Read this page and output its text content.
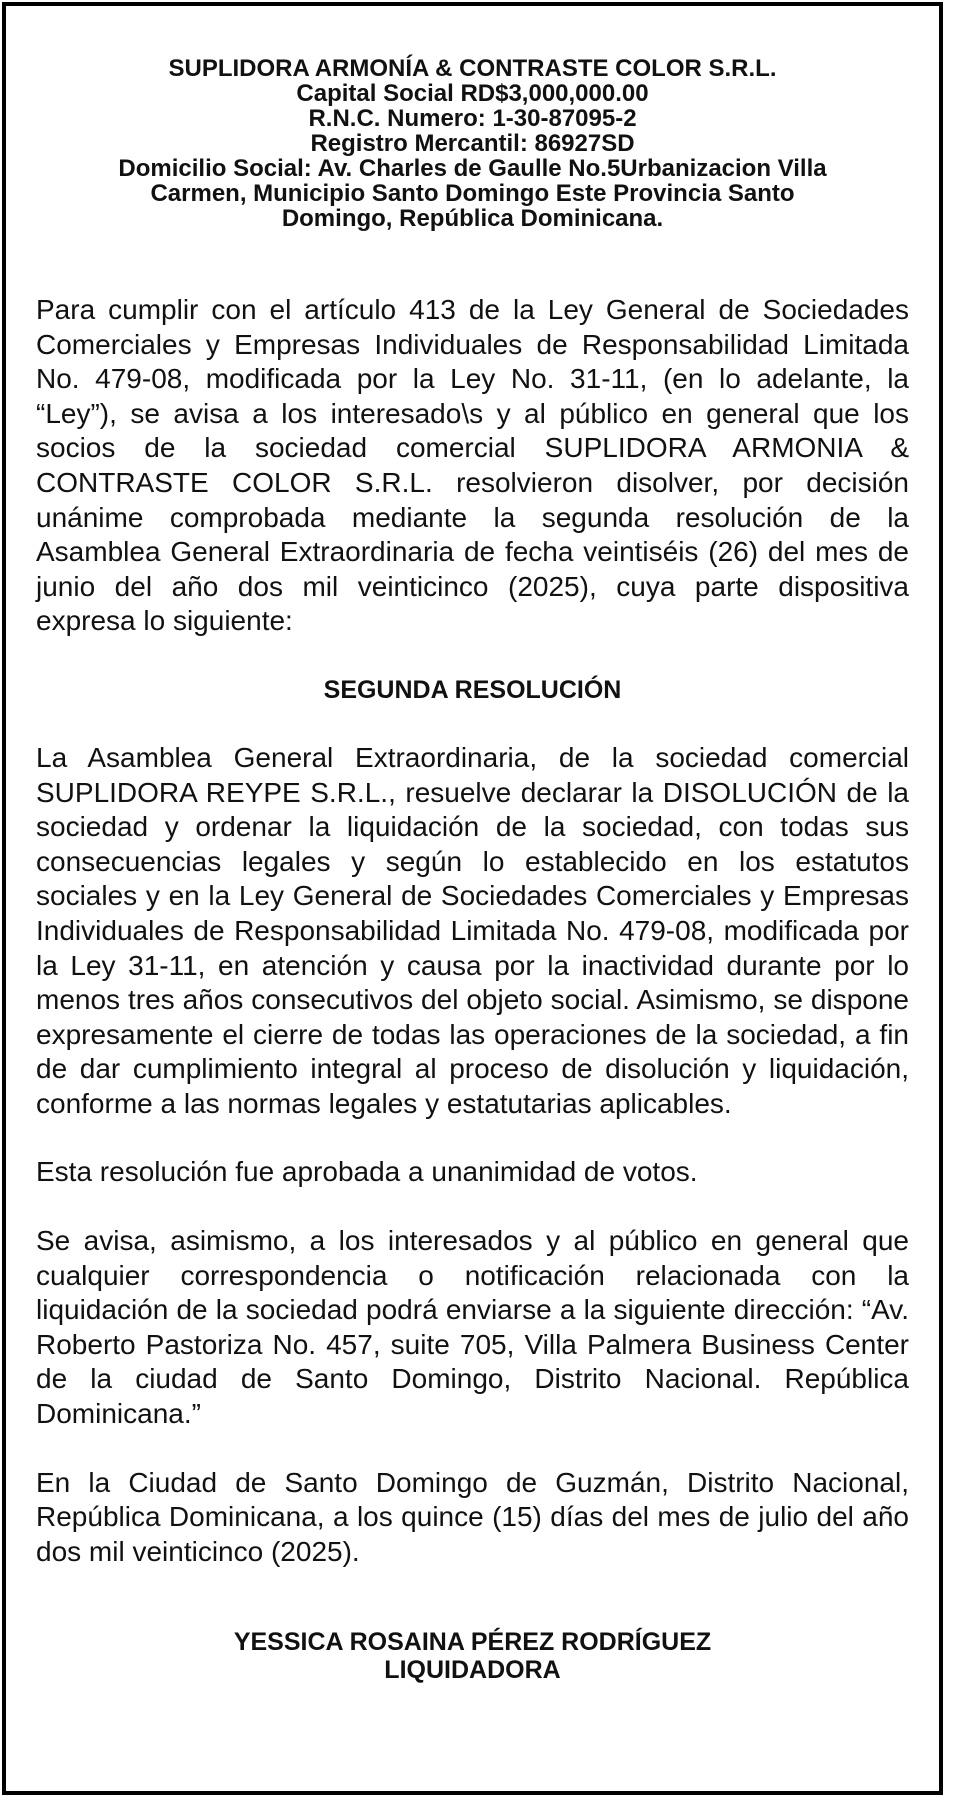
SUPLIDORA ARMONÍA & CONTRASTE COLOR S.R.L.
Capital Social RD$3,000,000.00
R.N.C. Numero: 1-30-87095-2
Registro Mercantil: 86927SD
Domicilio Social: Av. Charles de Gaulle No.5Urbanizacion Villa
Carmen, Municipio Santo Domingo Este Provincia Santo
Domingo, República Dominicana.

Para cumplir con el artículo 413 de la Ley General de Sociedades Comerciales y Empresas Individuales de Responsabilidad Limitada No. 479-08, modificada por la Ley No. 31-11, (en lo adelante, la “Ley”), se avisa a los interesado\s y al público en general que los socios de la sociedad comercial SUPLIDORA ARMONIA & CONTRASTE COLOR S.R.L. resolvieron disolver, por decisión unánime comprobada mediante la segunda resolución de la Asamblea General Extraordinaria de fecha veintiséis (26) del mes de junio del año dos mil veinticinco (2025), cuya parte dispositiva expresa lo siguiente:

SEGUNDA RESOLUCIÓN

La Asamblea General Extraordinaria, de la sociedad comercial SUPLIDORA REYPE S.R.L., resuelve declarar la DISOLUCIÓN de la sociedad y ordenar la liquidación de la sociedad, con todas sus consecuencias legales y según lo establecido en los estatutos sociales y en la Ley General de Sociedades Comerciales y Empresas Individuales de Responsabilidad Limitada No. 479-08, modificada por la Ley 31-11, en atención y causa por la inactividad durante por lo menos tres años consecutivos del objeto social. Asimismo, se dispone expresamente el cierre de todas las operaciones de la sociedad, a fin de dar cumplimiento integral al proceso de disolución y liquidación, conforme a las normas legales y estatutarias aplicables.

Esta resolución fue aprobada a unanimidad de votos.

Se avisa, asimismo, a los interesados y al público en general que cualquier correspondencia o notificación relacionada con la liquidación de la sociedad podrá enviarse a la siguiente dirección: “Av. Roberto Pastoriza No. 457, suite 705, Villa Palmera Business Center de la ciudad de Santo Domingo, Distrito Nacional. República Dominicana.”

En la Ciudad de Santo Domingo de Guzmán, Distrito Nacional, República Dominicana, a los quince (15) días del mes de julio del año dos mil veinticinco (2025).

YESSICA ROSAINA PÉREZ RODRÍGUEZ
LIQUIDADORA
